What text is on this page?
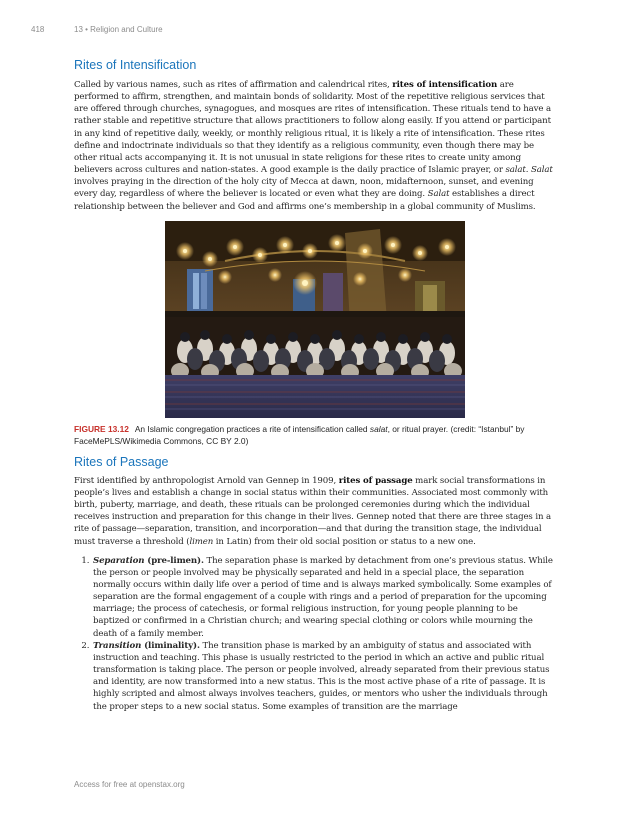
418	13 • Religion and Culture
Rites of Intensification

Called by various names, such as rites of affirmation and calendrical rites, rites of intensification are performed to affirm, strengthen, and maintain bonds of solidarity. Most of the repetitive religious services that are offered through churches, synagogues, and mosques are rites of intensification. These rituals tend to have a rather stable and repetitive structure that allows practitioners to follow along easily. If you attend or participant in any kind of repetitive daily, weekly, or monthly religious ritual, it is likely a rite of intensification. These rites define and indoctrinate individuals so that they identify as a religious community, even though there may be other ritual acts accompanying it. It is not unusual in state religions for these rites to create unity among believers across cultures and nation-states. A good example is the daily practice of Islamic prayer, or salat. Salat involves praying in the direction of the holy city of Mecca at dawn, noon, midafternoon, sunset, and evening every day, regardless of where the believer is located or even what they are doing. Salat establishes a direct relationship between the believer and God and affirms one’s membership in a global community of Muslims.

FIGURE 13.12 An Islamic congregation practices a rite of intensification called salat, or ritual prayer. (credit: “Istanbul” by FaceMePLS/Wikimedia Commons, CC BY 2.0)
Rites of Passage

First identified by anthropologist Arnold van Gennep in 1909, rites of passage mark social transformations in people’s lives and establish a change in social status within their communities. Associated most commonly with birth, puberty, marriage, and death, these rituals can be prolonged ceremonies during which the individual receives instruction and preparation for this change in their lives. Gennep noted that there are three stages in a rite of passage—separation, transition, and incorporation—and that during the transition stage, the individual must traverse a threshold (limen in Latin) from their old social position or status to a new one.

1. Separation (pre-limen). The separation phase is marked by detachment from one’s previous status. While the person or people involved may be physically separated and held in a special place, the separation normally occurs within daily life over a period of time and is always marked symbolically. Some examples of separation are the formal engagement of a couple with rings and a period of preparation for the upcoming marriage; the process of catechesis, or formal religious instruction, for young people planning to be baptized or confirmed in a Christian church; and wearing special clothing or colors while mourning the death of a family member.
2. Transition (liminality). The transition phase is marked by an ambiguity of status and associated with instruction and teaching. This phase is usually restricted to the period in which an active and public ritual transformation is taking place. The person or people involved, already separated from their previous status and identity, are now transformed into a new status. This is the most active phase of a rite of passage. It is highly scripted and almost always involves teachers, guides, or mentors who usher the individuals through the proper steps to a new social status. Some examples of transition are the marriage
Access for free at openstax.org
